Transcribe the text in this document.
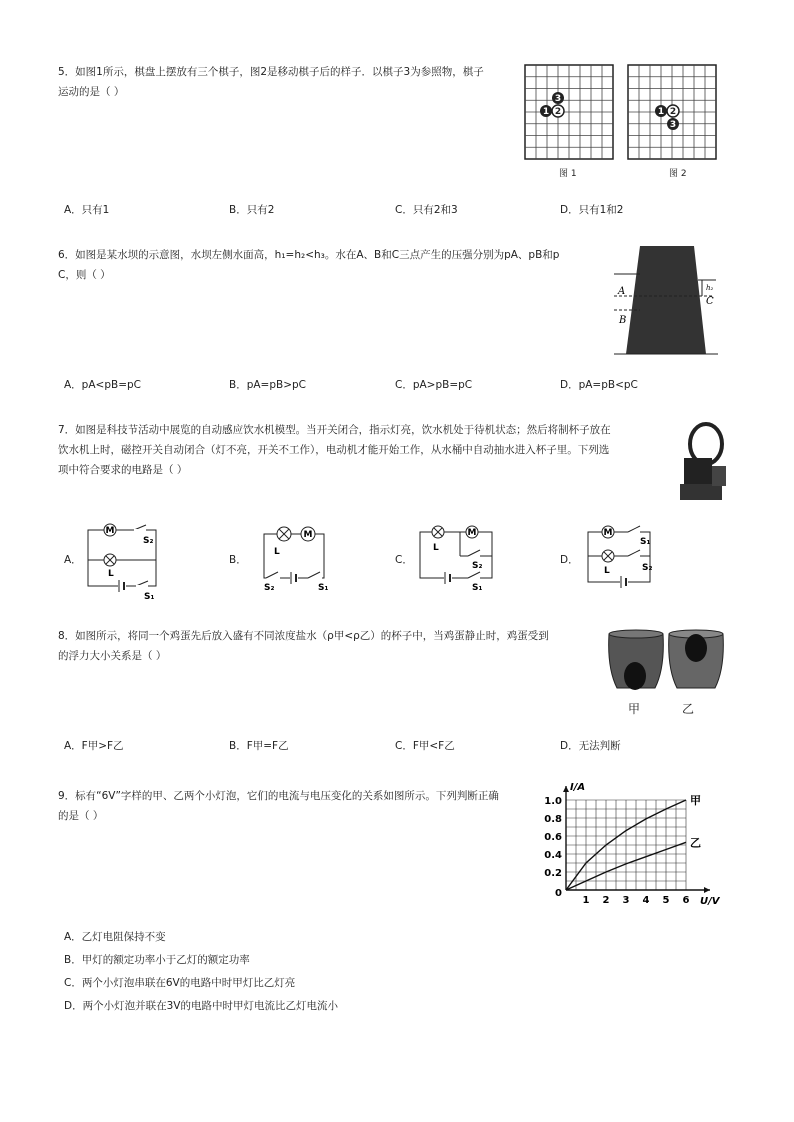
5．如图1所示，棋盘上摆放有三个棋子，图2是移动棋子后的样子．以棋子3为参照物，棋子
运动的是（ ）
3
1 2
图 1
1 2
3
图 2
A．只有1	B．只有2	C．只有2和3	D．只有1和2
6．如图是某水坝的示意图，水坝左侧水面高，h₁=h₂<h₃。水在A、B和C三点产生的压强分别为pA、pB和p
C，则（ ）
A
B
C
h₂
A．pA<pB=pC	B．pA=pB>pC	C．pA>pB=pC	D．pA=pB<pC
7．如图是科技节活动中展览的自动感应饮水机模型。当开关闭合，指示灯亮，饮水机处于待机状态；然后将制杯子放在
饮水机上时，磁控开关自动闭合（灯不亮，开关不工作），电动机才能开始工作，从水桶中自动抽水进入杯子里。下列选
项中符合要求的电路是（ ）
A．
M
S₂
L
S₁
B．
L
M
S₂	S₁
C．
L
M
S₂
S₁
D．
M
S₁
L	S₂
8．如图所示，将同一个鸡蛋先后放入盛有不同浓度盐水（ρ甲<ρ乙）的杯子中，当鸡蛋静止时，鸡蛋受到
的浮力大小关系是（ ）
甲	乙
A．F甲>F乙	B．F甲=F乙	C．F甲<F乙	D．无法判断
9．标有“6V”字样的甲、乙两个小灯泡，它们的电流与电压变化的关系如图所示。下列判断正确
的是（ ）
1 2 3 4 5 6
0.2
0.4
0.6
0.8
1.0
0
U/V
I/A
甲
乙
A．乙灯电阻保持不变
B．甲灯的额定功率小于乙灯的额定功率
C．两个小灯泡串联在6V的电路中时甲灯比乙灯亮
D．两个小灯泡并联在3V的电路中时甲灯电流比乙灯电流小
